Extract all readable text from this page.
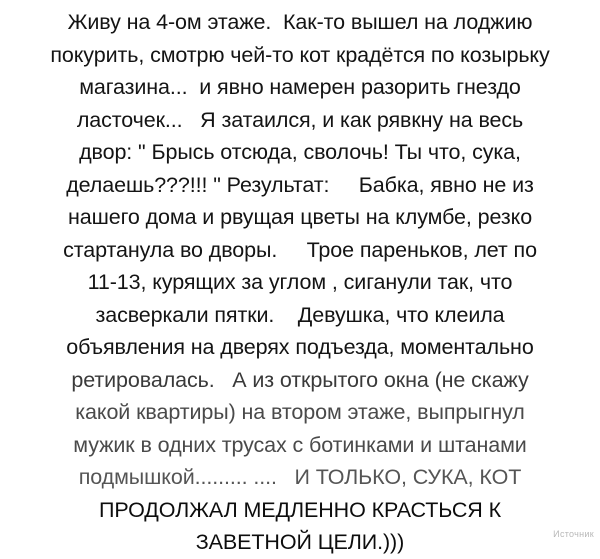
Живу на 4-ом этаже.  Как-то вышел на лоджию
покурить, смотрю чей-то кот крадётся по козырьку
магазина...  и явно намерен разорить гнездо
ласточек...   Я затаился, и как рявкну на весь
двор: " Брысь отсюда, сволочь! Ты что, сука,
делаешь???!!! " Результат:     Бабка, явно не из
нашего дома и рвущая цветы на клумбе, резко
стартанула во дворы.     Трое пареньков, лет по
11-13, курящих за углом , сиганули так, что
засверкали пятки.    Девушка, что клеила
объявления на дверях подъезда, моментально
ретировалась.   А из открытого окна (не скажу
какой квартиры) на втором этаже, выпрыгнул
мужик в одних трусах с ботинками и штанами
подмышкой......... ....   И ТОЛЬКО, СУКА, КОТ
ПРОДОЛЖАЛ МЕДЛЕННО КРАСТЬСЯ К
ЗАВЕТНОЙ ЦЕЛИ.)))	Источник
